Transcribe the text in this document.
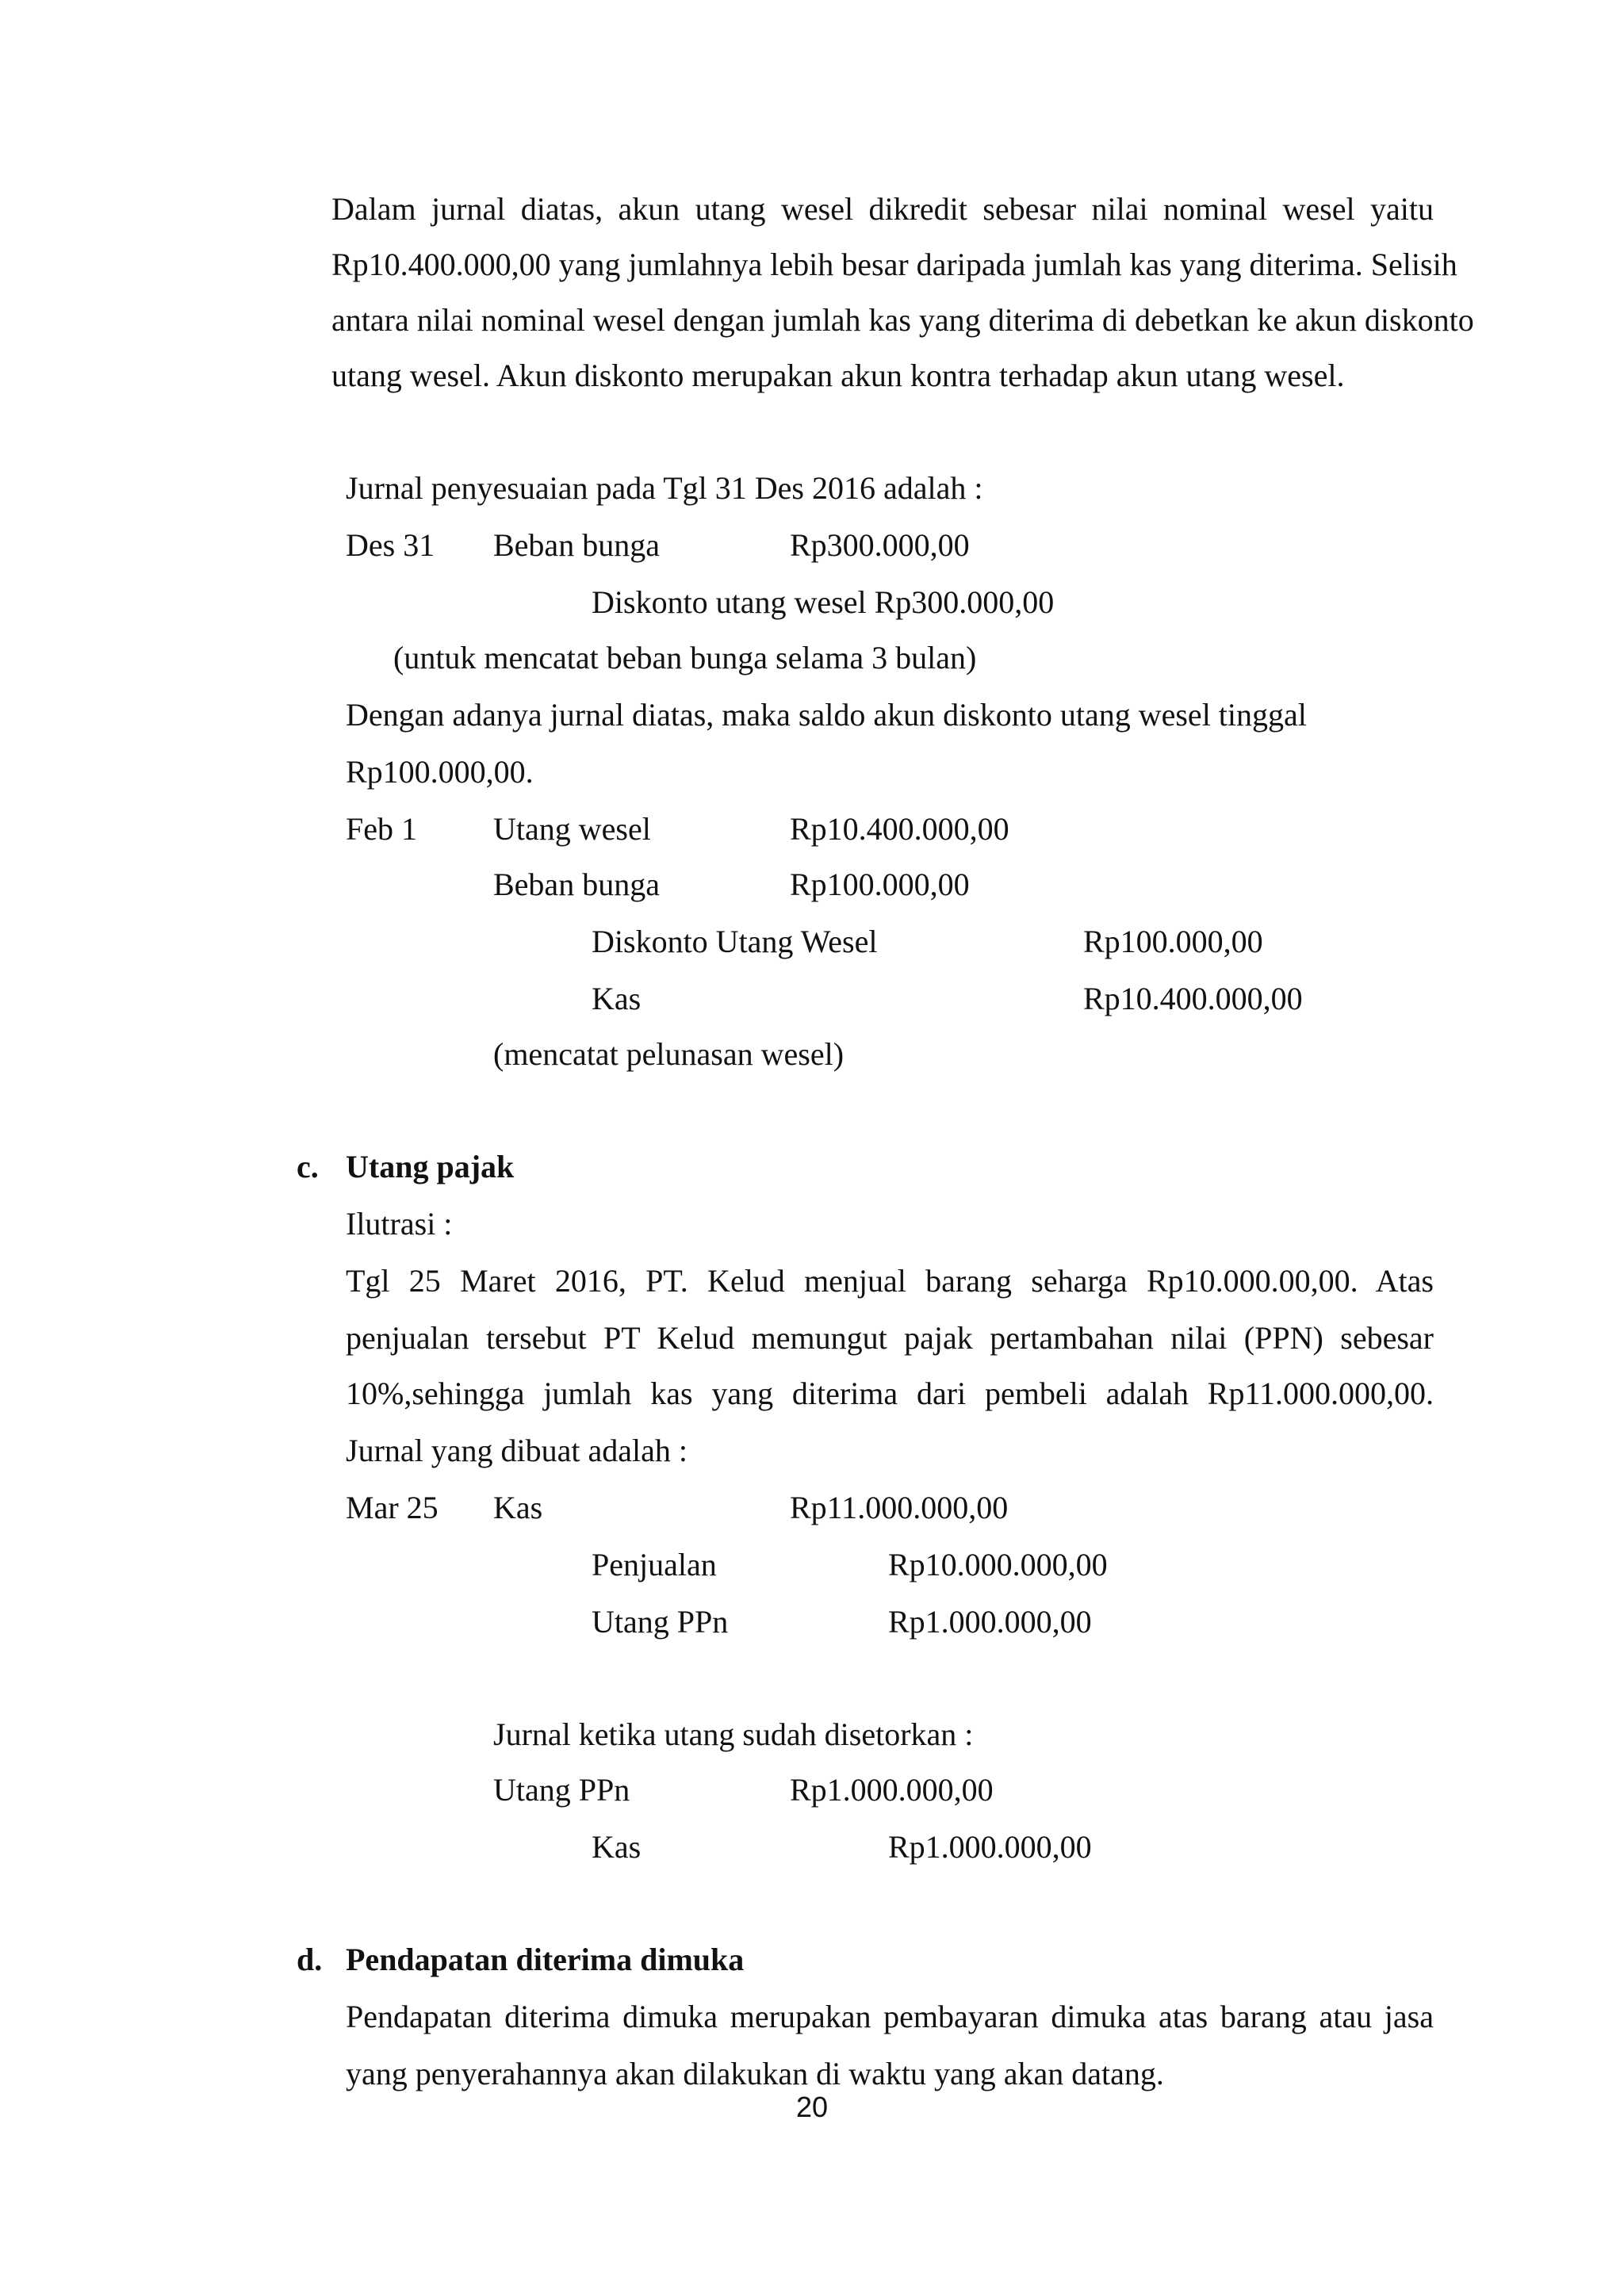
Dalam jurnal diatas, akun utang wesel dikredit sebesar nilai nominal wesel yaitu
Rp10.400.000,00 yang jumlahnya lebih besar daripada jumlah kas yang diterima. Selisih
antara nilai nominal wesel dengan jumlah kas yang diterima di debetkan ke akun diskonto
utang wesel. Akun diskonto merupakan akun kontra terhadap akun utang wesel.
Jurnal penyesuaian pada Tgl 31 Des 2016 adalah :
Des 31 Beban bunga	Rp300.000,00
Diskonto utang wesel Rp300.000,00
(untuk mencatat beban bunga selama 3 bulan)
Dengan adanya jurnal diatas, maka saldo akun diskonto utang wesel tinggal
Rp100.000,00.
Feb 1 Utang wesel	Rp10.400.000,00
Beban bunga	Rp100.000,00
Diskonto Utang Wesel	Rp100.000,00
Kas	Rp10.400.000,00
(mencatat pelunasan wesel)
c. Utang pajak
Ilutrasi :
Tgl 25 Maret 2016, PT. Kelud menjual barang seharga Rp10.000.00,00. Atas
penjualan tersebut PT Kelud memungut pajak pertambahan nilai (PPN) sebesar
10%,sehingga jumlah kas yang diterima dari pembeli adalah Rp11.000.000,00.
Jurnal yang dibuat adalah :
Mar 25 Kas	Rp11.000.000,00
Penjualan	Rp10.000.000,00
Utang PPn	Rp1.000.000,00
Jurnal ketika utang sudah disetorkan :
Utang PPn	Rp1.000.000,00
Kas	Rp1.000.000,00
d. Pendapatan diterima dimuka
Pendapatan diterima dimuka merupakan pembayaran dimuka atas barang atau jasa
yang penyerahannya akan dilakukan di waktu yang akan datang.
20
